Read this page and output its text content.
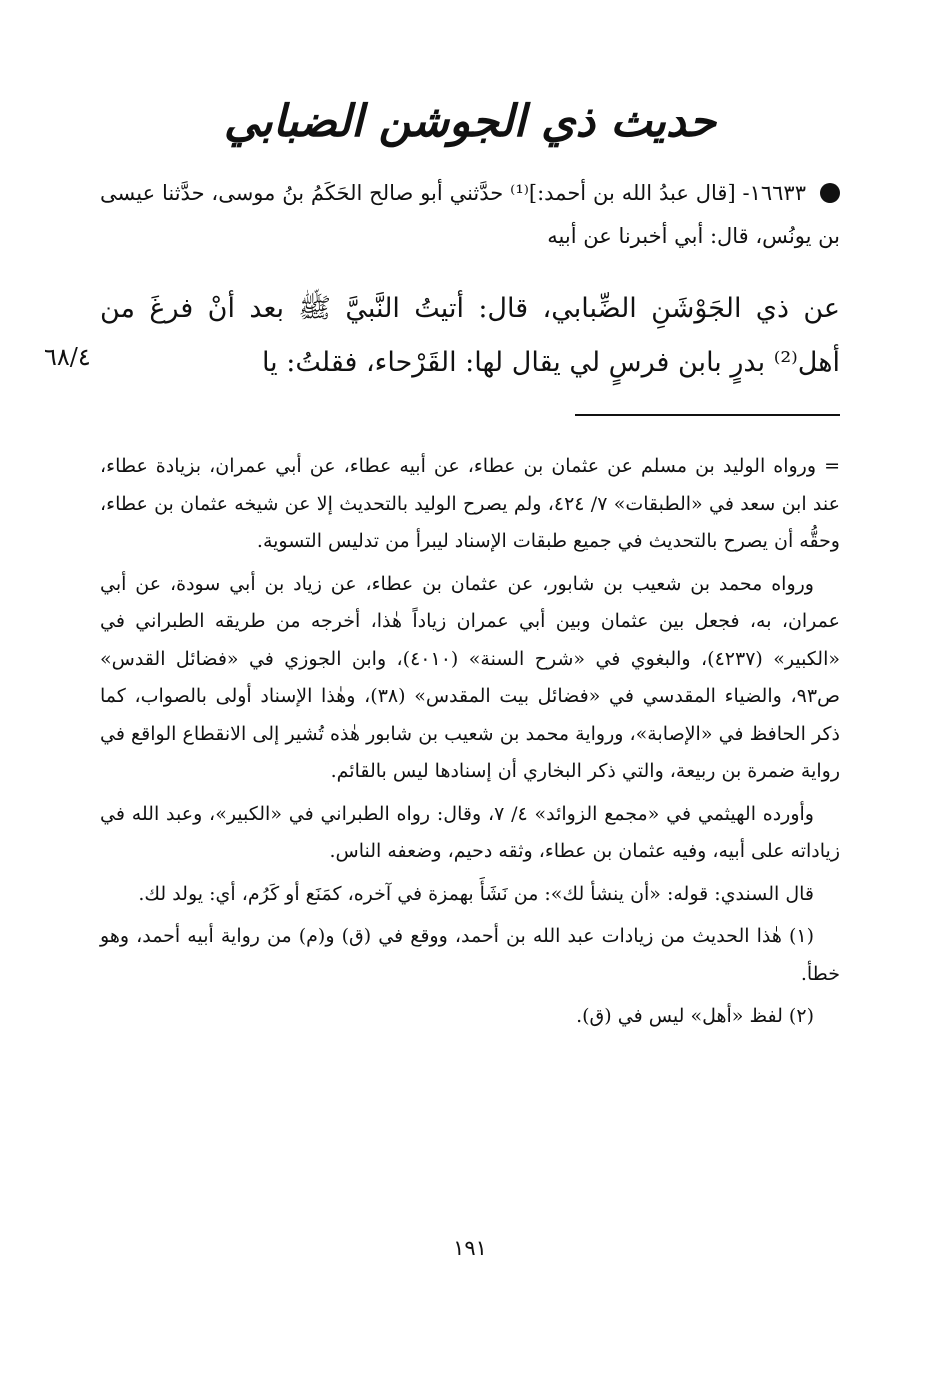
حديث ذي الجوشن الضبابي

١٦٦٣٣- [قال عبدُ الله بن أحمد:]⁽¹⁾ حدَّثني أبو صالح الحَكَمُ بنُ موسى، حدَّثنا عيسى بن يونُس، قال: أبي أخبرنا عن أبيه

عن ذي الجَوْشَنِ الضِّبابي، قال: أتيتُ النَّبيَّ ﷺ بعد أنْ فرغَ من أهل⁽²⁾ بدرٍ بابن فرسٍ لي يقال لها: القَرْحاء، فقلتُ: يا

٦٨/٤

= ورواه الوليد بن مسلم عن عثمان بن عطاء، عن أبيه عطاء، عن أبي عمران، بزيادة عطاء، عند ابن سعد في «الطبقات» ٧/ ٤٢٤، ولم يصرح الوليد بالتحديث إلا عن شيخه عثمان بن عطاء، وحقُّه أن يصرح بالتحديث في جميع طبقات الإسناد ليبرأ من تدليس التسوية.

ورواه محمد بن شعيب بن شابور، عن عثمان بن عطاء، عن زياد بن أبي سودة، عن أبي عمران، به، فجعل بين عثمان وبين أبي عمران زياداً هٰذا، أخرجه من طريقه الطبراني في «الكبير» (٤٢٣٧)، والبغوي في «شرح السنة» (٤٠١٠)، وابن الجوزي في «فضائل القدس» ص٩٣، والضياء المقدسي في «فضائل بيت المقدس» (٣٨)، وهٰذا الإسناد أولى بالصواب، كما ذكر الحافظ في «الإصابة»، ورواية محمد بن شعيب بن شابور هٰذه تُشير إلى الانقطاع الواقع في رواية ضمرة بن ربيعة، والتي ذكر البخاري أن إسنادها ليس بالقائم.

وأورده الهيثمي في «مجمع الزوائد» ٤/ ٧، وقال: رواه الطبراني في «الكبير»، وعبد الله في زياداته على أبيه، وفيه عثمان بن عطاء، وثقه دحيم، وضعفه الناس.

قال السندي: قوله: «أن ينشأ لك»: من نَشَأَ بهمزة في آخره، كمَنَع أو كَرُم، أي: يولد لك.

(١) هٰذا الحديث من زيادات عبد الله بن أحمد، ووقع في (ق) و(م) من رواية أبيه أحمد، وهو خطأ.

(٢) لفظ «أهل» ليس في (ق).

١٩١
